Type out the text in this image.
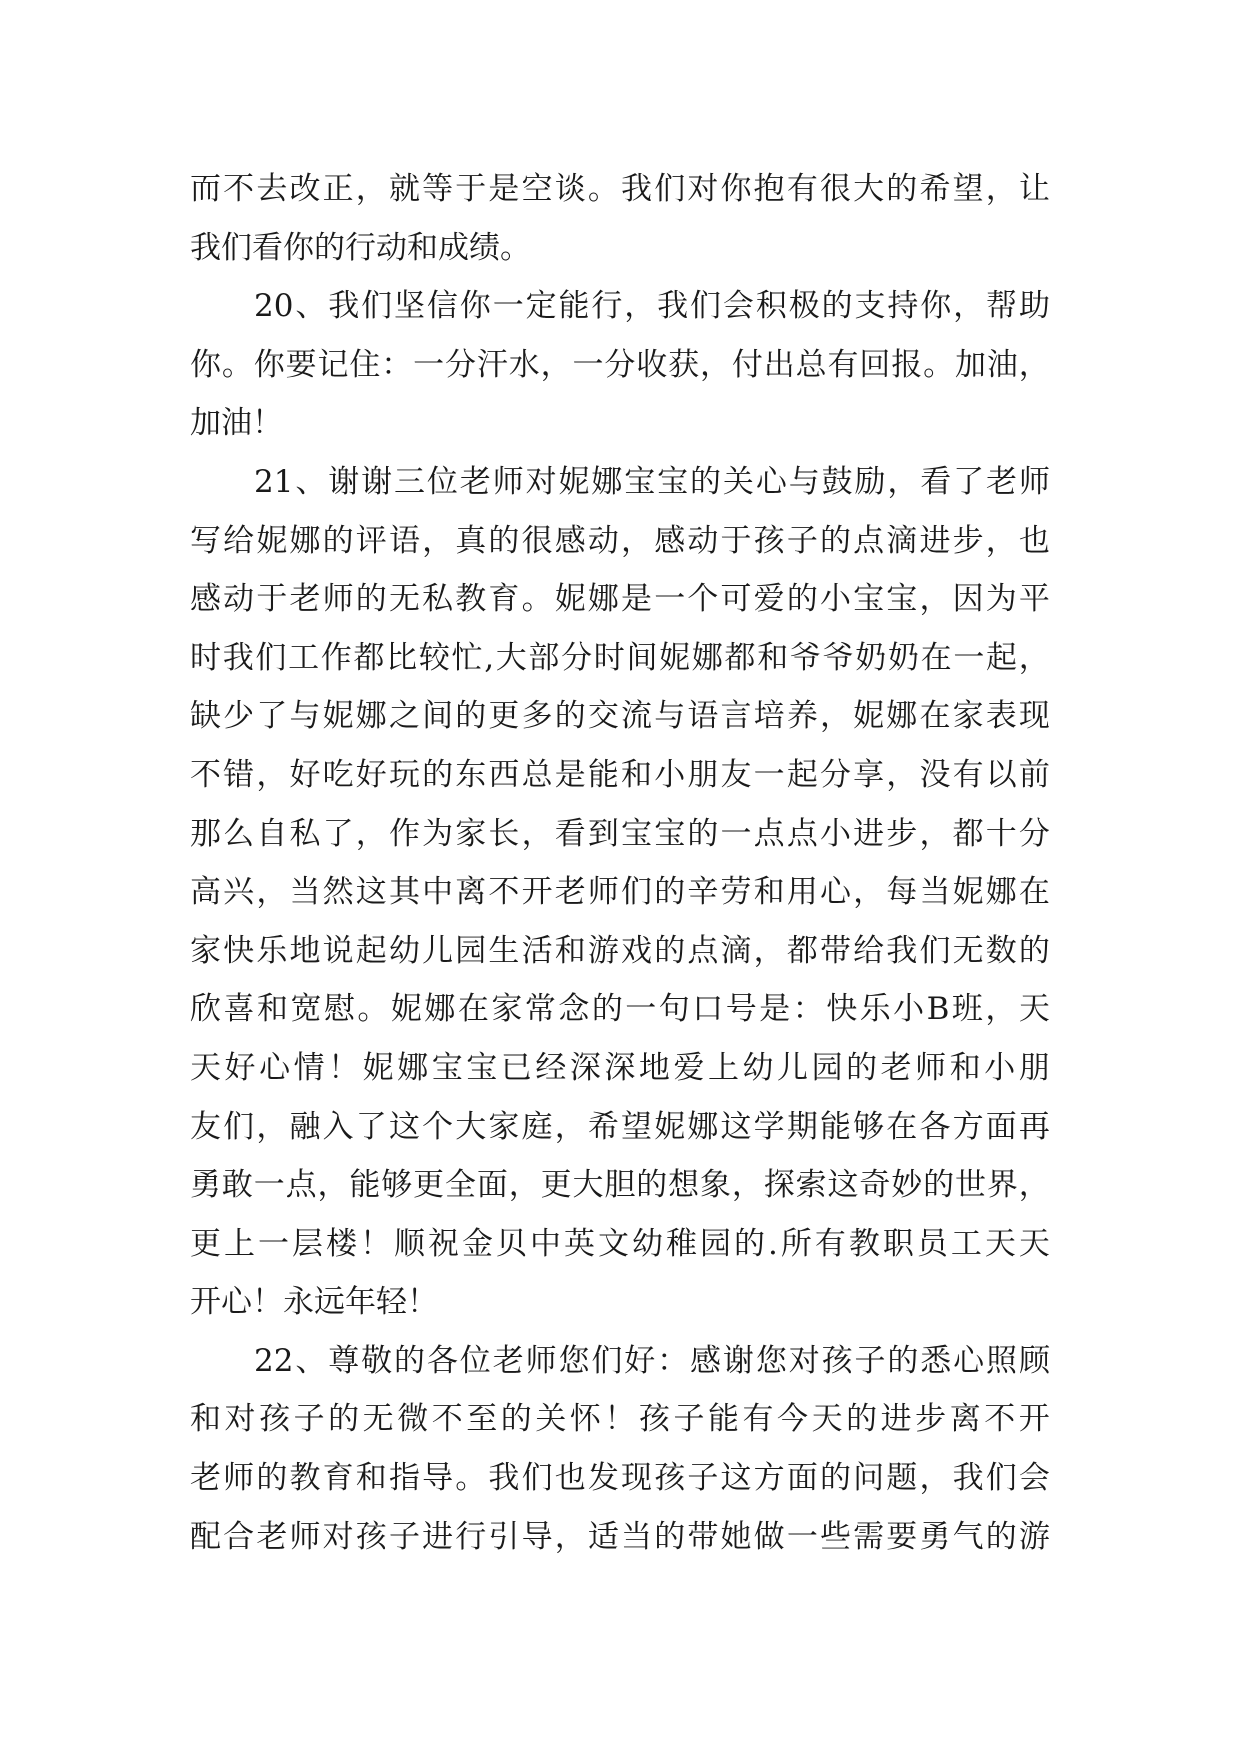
而 不 去 改 正 ， 就 等 于 是 空 谈 。 我 们 对 你 抱 有 很 大 的 希 望 ， 让
我们看你的行动和成绩。
20 、 我 们 坚 信 你 一 定 能 行 ， 我 们 会 积 极 的 支 持 你 ， 帮 助
你 。 你 要 记 住 ： 一 分 汗 水 ， 一 分 收 获 ， 付 出 总 有 回 报 。 加 油 ，
加油！
21 、 谢 谢 三 位 老 师 对 妮 娜 宝 宝 的 关 心 与 鼓 励 ， 看 了 老 师
写 给 妮 娜 的 评 语 ， 真 的 很 感 动 ， 感 动 于 孩 子 的 点 滴 进 步 ， 也
感 动 于 老 师 的 无 私 教 育 。 妮 娜 是 一 个 可 爱 的 小 宝 宝 ， 因 为 平
时 我 们 工 作 都 比 较 忙 , 大 部 分 时 间 妮 娜 都 和 爷 爷 奶 奶 在 一 起 ，
缺 少 了 与 妮 娜 之 间 的 更 多 的 交 流 与 语 言 培 养 ， 妮 娜 在 家 表 现
不 错 ， 好 吃 好 玩 的 东 西 总 是 能 和 小 朋 友 一 起 分 享 ， 没 有 以 前
那 么 自 私 了 ， 作 为 家 长 ， 看 到 宝 宝 的 一 点 点 小 进 步 ， 都 十 分
高 兴 ， 当 然 这 其 中 离 不 开 老 师 们 的 辛 劳 和 用 心 ， 每 当 妮 娜 在
家 快 乐 地 说 起 幼 儿 园 生 活 和 游 戏 的 点 滴 ， 都 带 给 我 们 无 数 的
欣 喜 和 宽 慰 。 妮 娜 在 家 常 念 的 一 句 口 号 是 ： 快 乐 小 B 班 ， 天
天 好 心 情 ！ 妮 娜 宝 宝 已 经 深 深 地 爱 上 幼 儿 园 的 老 师 和 小 朋
友 们 ， 融 入 了 这 个 大 家 庭 ， 希 望 妮 娜 这 学 期 能 够 在 各 方 面 再
勇 敢 一 点 ， 能 够 更 全 面 ， 更 大 胆 的 想 象 ， 探 索 这 奇 妙 的 世 界 ，
更 上 一 层 楼 ！ 顺 祝 金 贝 中 英 文 幼 稚 园 的 . 所 有 教 职 员 工 天 天
开心！永远年轻！
22 、 尊 敬 的 各 位 老 师 您 们 好 ： 感 谢 您 对 孩 子 的 悉 心 照 顾
和 对 孩 子 的 无 微 不 至 的 关 怀 ！ 孩 子 能 有 今 天 的 进 步 离 不 开
老 师 的 教 育 和 指 导 。 我 们 也 发 现 孩 子 这 方 面 的 问 题 ， 我 们 会
配 合 老 师 对 孩 子 进 行 引 导 ， 适 当 的 带 她 做 一 些 需 要 勇 气 的 游
